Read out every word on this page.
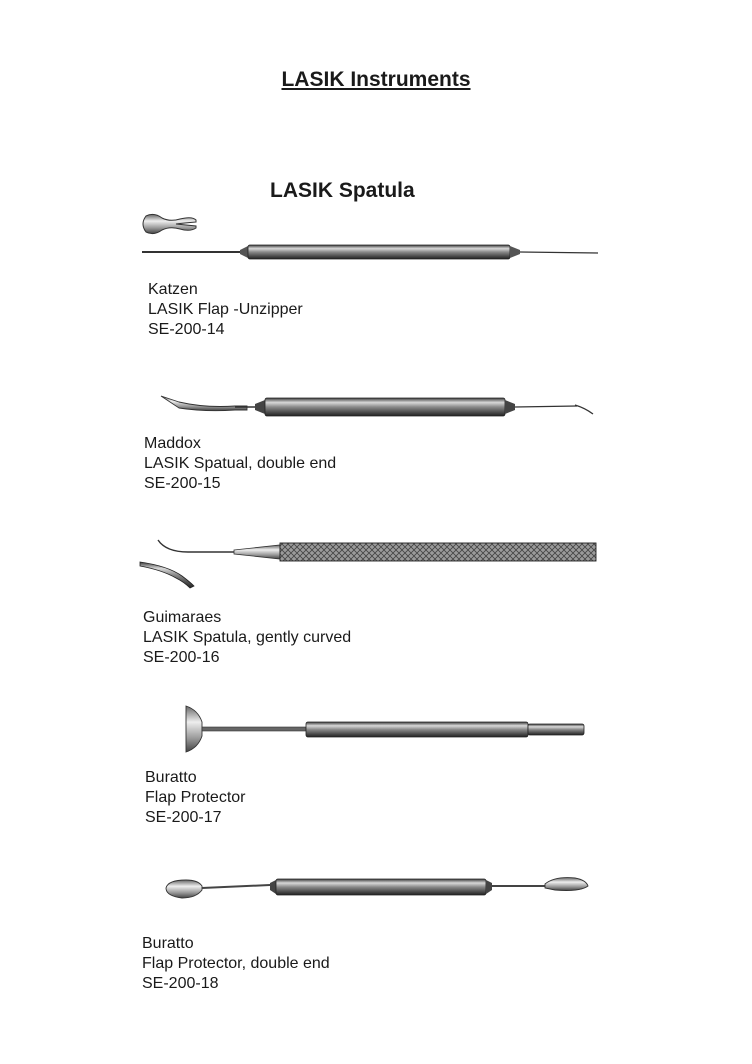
LASIK Instruments
LASIK Spatula
Katzen
LASIK Flap -Unzipper
SE-200-14
Maddox
LASIK Spatual, double end
SE-200-15
Guimaraes
LASIK Spatula, gently curved
SE-200-16
Buratto
Flap Protector
SE-200-17
Buratto
Flap Protector, double end
SE-200-18
